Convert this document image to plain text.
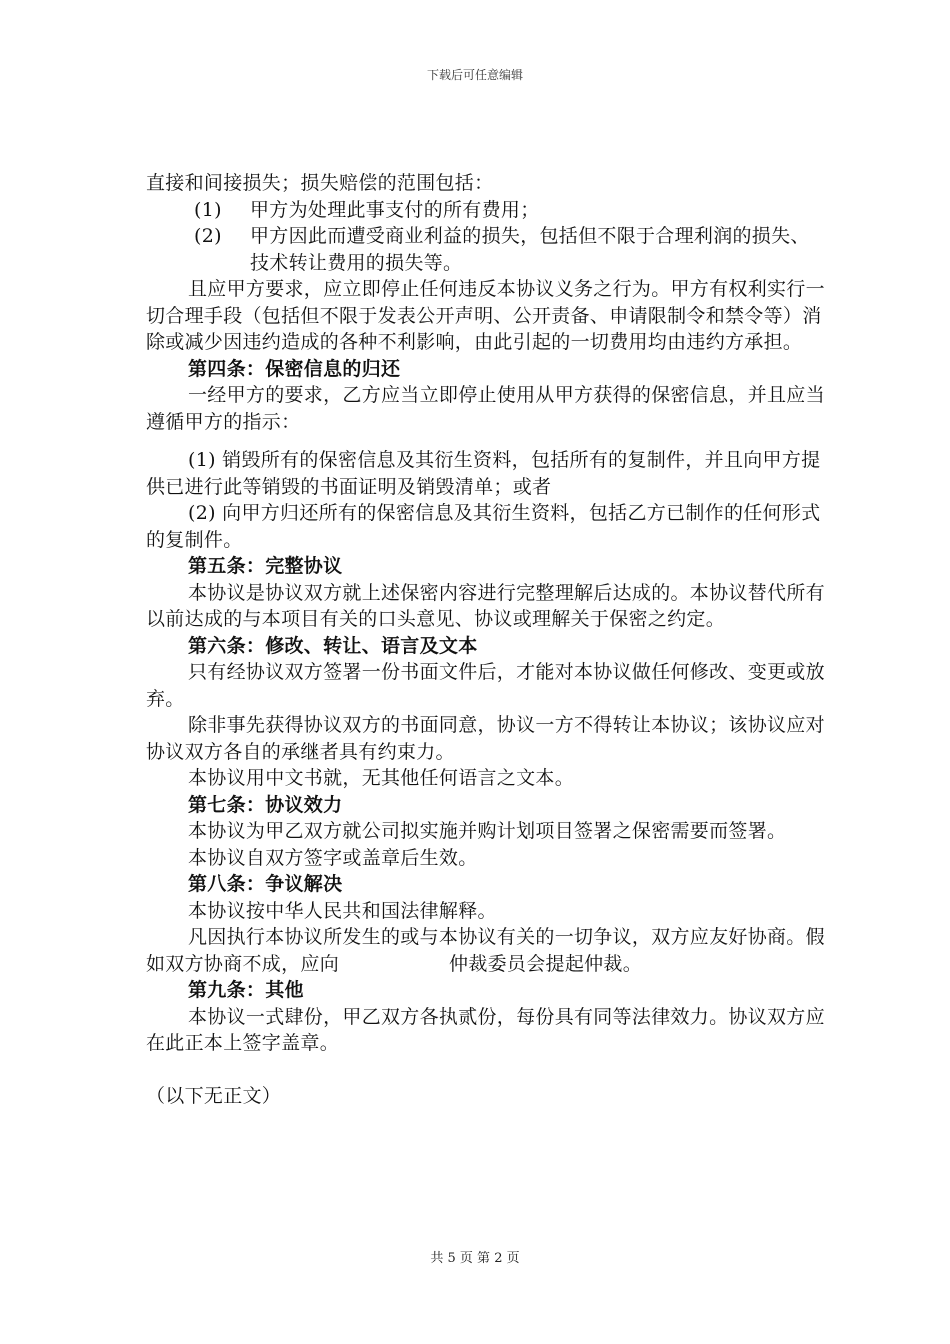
下载后可任意编辑

直接和间接损失；损失赔偿的范围包括：

(1)	甲方为处理此事支付的所有费用；
(2)	甲方因此而遭受商业利益的损失，包括但不限于合理利润的损失、技术转让费用的损失等。

且应甲方要求，应立即停止任何违反本协议义务之行为。甲方有权利实行一切合理手段（包括但不限于发表公开声明、公开责备、申请限制令和禁令等）消除或减少因违约造成的各种不利影响，由此引起的一切费用均由违约方承担。

第四条：保密信息的归还

一经甲方的要求，乙方应当立即停止使用从甲方获得的保密信息，并且应当遵循甲方的指示：

(1) 销毁所有的保密信息及其衍生资料，包括所有的复制件，并且向甲方提供已进行此等销毁的书面证明及销毁清单；或者

(2) 向甲方归还所有的保密信息及其衍生资料，包括乙方已制作的任何形式的复制件。

第五条：完整协议

本协议是协议双方就上述保密内容进行完整理解后达成的。本协议替代所有以前达成的与本项目有关的口头意见、协议或理解关于保密之约定。

第六条：修改、转让、语言及文本

只有经协议双方签署一份书面文件后，才能对本协议做任何修改、变更或放弃。

除非事先获得协议双方的书面同意，协议一方不得转让本协议；该协议应对协议双方各自的承继者具有约束力。

本协议用中文书就，无其他任何语言之文本。

第七条：协议效力

本协议为甲乙双方就公司拟实施并购计划项目签署之保密需要而签署。

本协议自双方签字或盖章后生效。

第八条：争议解决

本协议按中华人民共和国法律解释。

凡因执行本协议所发生的或与本协议有关的一切争议，双方应友好协商。假如双方协商不成，应向	仲裁委员会提起仲裁。

第九条：其他

本协议一式肆份，甲乙双方各执贰份，每份具有同等法律效力。协议双方应在此正本上签字盖章。

（以下无正文）

共 5 页 第 2 页
